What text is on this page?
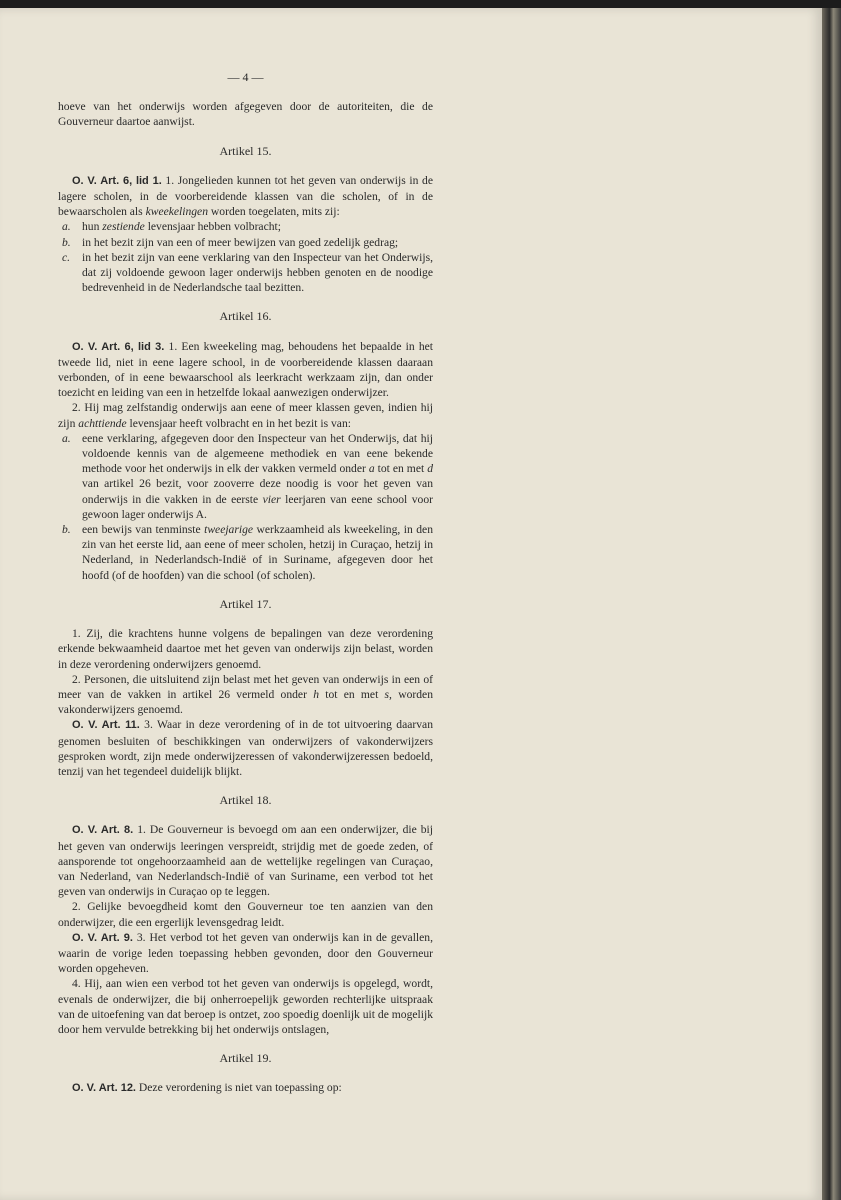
— 4 —

hoeve van het onderwijs worden afgegeven door de autoriteiten, die de Gouverneur daartoe aanwijst.

Artikel 15.

O. V. Art. 6, lid 1. 1. Jongelieden kunnen tot het geven van onderwijs in de lagere scholen, in de voorbereidende klassen van die scholen, of in de bewaarscholen als kweekelingen worden toegelaten, mits zij:

a. hun zestiende levensjaar hebben volbracht;
b. in het bezit zijn van een of meer bewijzen van goed zedelijk gedrag;
c.	in het bezit zijn van eene verklaring van den Inspecteur van het Onderwijs, dat zij voldoende gewoon lager onderwijs hebben genoten en de noodige bedrevenheid in de Nederlandsche taal bezitten.
Artikel 16.

O. V. Art. 6, lid 3. 1. Een kweekeling mag, behoudens het bepaalde in het tweede lid, niet in eene lagere school, in de voorbereidende klassen daaraan verbonden, of in eene bewaarschool als leerkracht werkzaam zijn, dan onder toezicht en leiding van een in hetzelfde lokaal aanwezigen onderwijzer.

2. Hij mag zelfstandig onderwijs aan eene of meer klassen geven, indien hij zijn achttiende levensjaar heeft volbracht en in het bezit is van:

a. eene verklaring, afgegeven door den Inspecteur van het Onderwijs, dat hij voldoende kennis van de algemeene methodiek en van eene bekende methode voor het onderwijs in elk der vakken vermeld onder a tot en met d van artikel 26 bezit, voor zooverre deze noodig is voor het geven van onderwijs in die vakken in de eerste vier leerjaren van eene school voor gewoon lager onderwijs A.
b. een bewijs van tenminste tweejarige werkzaamheid als kweekeling, in den zin van het eerste lid, aan eene of meer scholen, hetzij in Curaçao, hetzij in Nederland, in Nederlandsch-Indië of in Suriname, afgegeven door het hoofd (of de hoofden) van die school (of scholen).
Artikel 17.

1. Zij, die krachtens hunne volgens de bepalingen van deze verordening erkende bekwaamheid daartoe met het geven van onderwijs zijn belast, worden in deze verordening onderwijzers genoemd.

2. Personen, die uitsluitend zijn belast met het geven van onderwijs in een of meer van de vakken in artikel 26 vermeld onder h tot en met s, worden vakonderwijzers genoemd.

O. V. Art. 11. 3. Waar in deze verordening of in de tot uitvoering daarvan genomen besluiten of beschikkingen van onderwijzers of vakonderwijzers gesproken wordt, zijn mede onderwijzeressen of vakonderwijzeressen bedoeld, tenzij van het tegendeel duidelijk blijkt.

Artikel 18.

O. V. Art. 8. 1. De Gouverneur is bevoegd om aan een onderwijzer, die bij het geven van onderwijs leeringen verspreidt, strijdig met de goede zeden, of aansporende tot ongehoorzaamheid aan de wettelijke regelingen van Curaçao, van Nederland, van Nederlandsch-Indië of van Suriname, een verbod tot het geven van onderwijs in Curaçao op te leggen.

2. Gelijke bevoegdheid komt den Gouverneur toe ten aanzien van den onderwijzer, die een ergerlijk levensgedrag leidt.

O. V. Art. 9. 3. Het verbod tot het geven van onderwijs kan in de gevallen, waarin de vorige leden toepassing hebben gevonden, door den Gouverneur worden opgeheven.

4. Hij, aan wien een verbod tot het geven van onderwijs is opgelegd, wordt, evenals de onderwijzer, die bij onherroepelijk geworden rechterlijke uitspraak van de uitoefening van dat beroep is ontzet, zoo spoedig doenlijk uit de mogelijk door hem vervulde betrekking bij het onderwijs ontslagen,

Artikel 19.

O. V. Art. 12. Deze verordening is niet van toepassing op:
